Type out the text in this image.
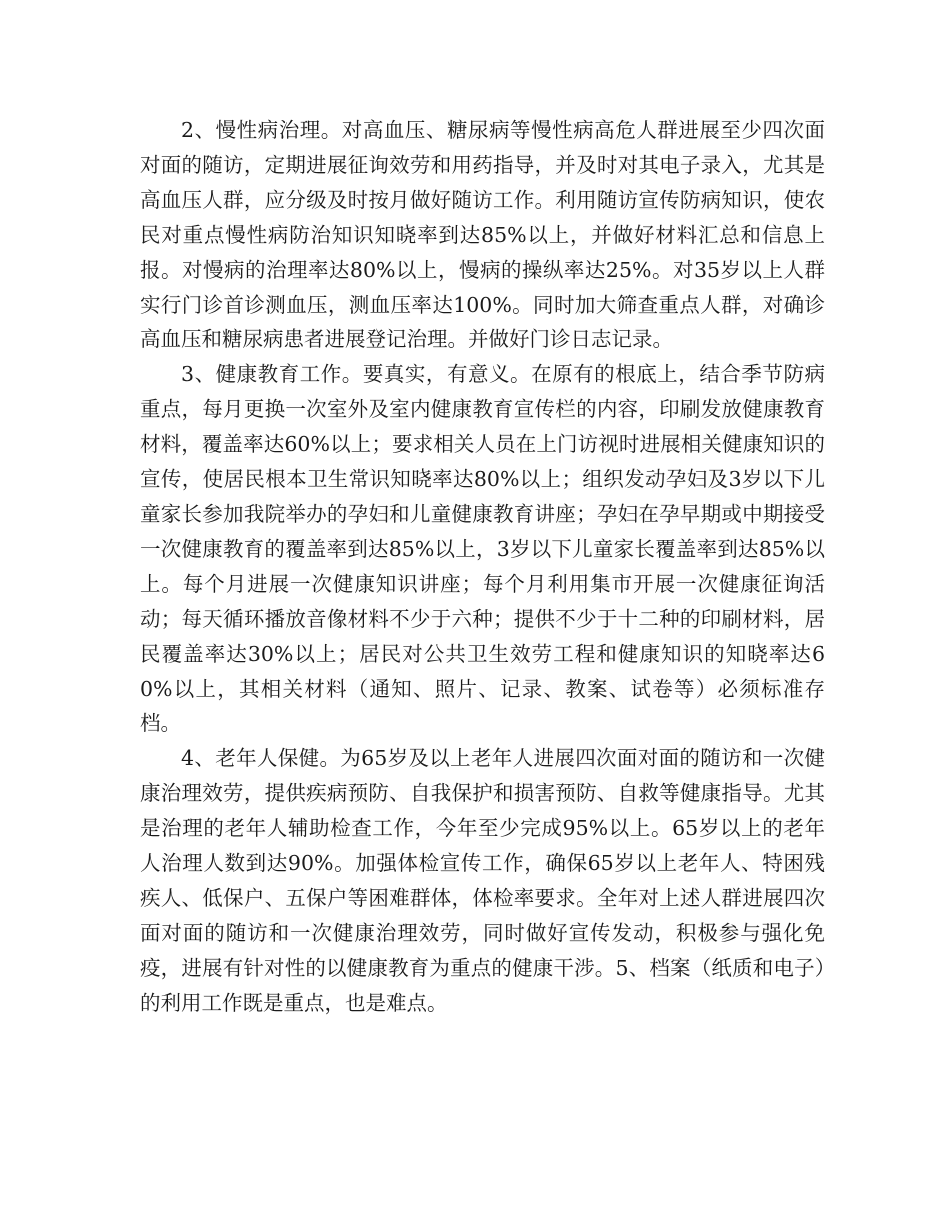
2、慢性病治理。对高血压、糖尿病等慢性病高危人群进展至少四次面对面的随访，定期进展征询效劳和用药指导，并及时对其电子录入，尤其是高血压人群，应分级及时按月做好随访工作。利用随访宣传防病知识，使农民对重点慢性病防治知识知晓率到达85%以上，并做好材料汇总和信息上报。对慢病的治理率达80%以上，慢病的操纵率达25%。对35岁以上人群实行门诊首诊测血压，测血压率达100%。同时加大筛查重点人群，对确诊高血压和糖尿病患者进展登记治理。并做好门诊日志记录。

3、健康教育工作。要真实，有意义。在原有的根底上，结合季节防病重点，每月更换一次室外及室内健康教育宣传栏的内容，印刷发放健康教育材料，覆盖率达60%以上；要求相关人员在上门访视时进展相关健康知识的宣传，使居民根本卫生常识知晓率达80%以上；组织发动孕妇及3岁以下儿童家长参加我院举办的孕妇和儿童健康教育讲座；孕妇在孕早期或中期接受一次健康教育的覆盖率到达85%以上，3岁以下儿童家长覆盖率到达85%以上。每个月进展一次健康知识讲座；每个月利用集市开展一次健康征询活动；每天循环播放音像材料不少于六种；提供不少于十二种的印刷材料，居民覆盖率达30%以上；居民对公共卫生效劳工程和健康知识的知晓率达60%以上，其相关材料（通知、照片、记录、教案、试卷等）必须标准存档。

4、老年人保健。为65岁及以上老年人进展四次面对面的随访和一次健康治理效劳，提供疾病预防、自我保护和损害预防、自救等健康指导。尤其是治理的老年人辅助检查工作，今年至少完成95%以上。65岁以上的老年人治理人数到达90%。加强体检宣传工作，确保65岁以上老年人、特困残疾人、低保户、五保户等困难群体，体检率要求。全年对上述人群进展四次面对面的随访和一次健康治理效劳，同时做好宣传发动，积极参与强化免疫，进展有针对性的以健康教育为重点的健康干涉。5、档案（纸质和电子）的利用工作既是重点，也是难点。
